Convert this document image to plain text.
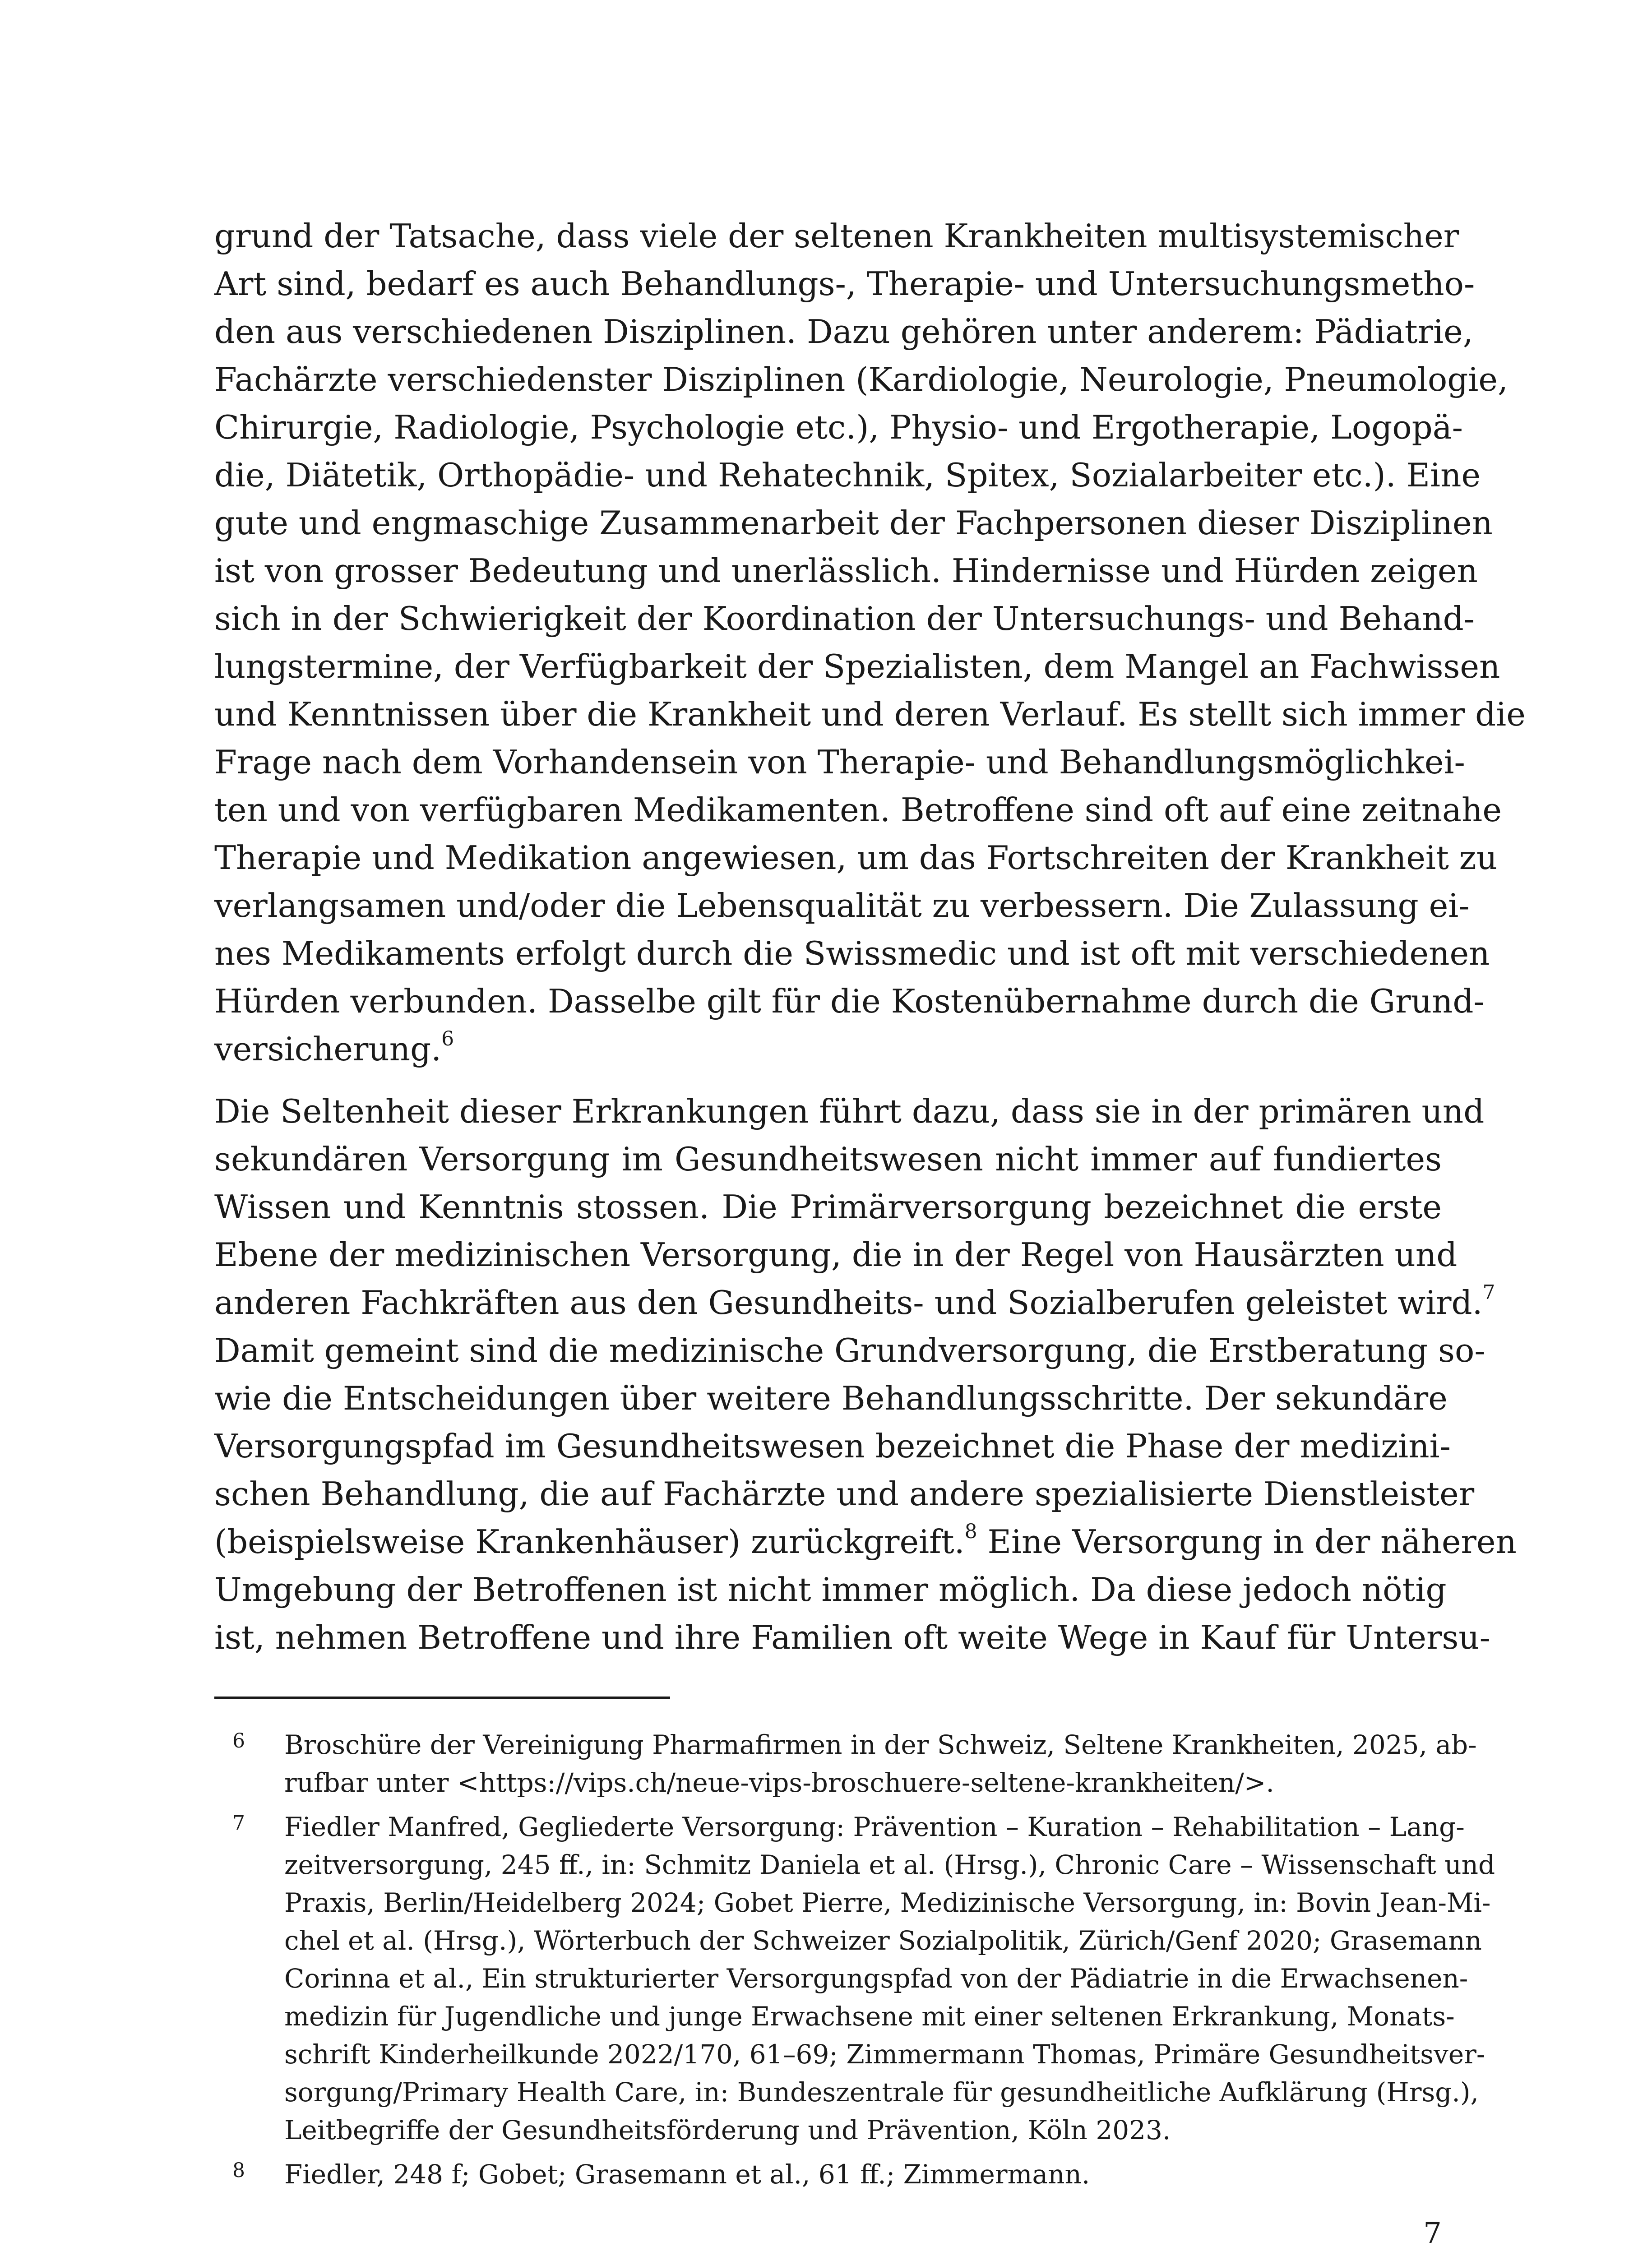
grund der Tatsache, dass viele der seltenen Krankheiten multisystemischer
Art sind, bedarf es auch Behandlungs-, Therapie- und Untersuchungsmetho-
den aus verschiedenen Disziplinen. Dazu gehören unter anderem: Pädiatrie,
Fachärzte verschiedenster Disziplinen (Kardiologie, Neurologie, Pneumologie,
Chirurgie, Radiologie, Psychologie etc.), Physio- und Ergotherapie, Logopä-
die, Diätetik, Orthopädie- und Rehatechnik, Spitex, Sozialarbeiter etc.). Eine
gute und engmaschige Zusammenarbeit der Fachpersonen dieser Disziplinen
ist von grosser Bedeutung und unerlässlich. Hindernisse und Hürden zeigen
sich in der Schwierigkeit der Koordination der Untersuchungs- und Behand-
lungstermine, der Verfügbarkeit der Spezialisten, dem Mangel an Fachwissen
und Kenntnissen über die Krankheit und deren Verlauf. Es stellt sich immer die
Frage nach dem Vorhandensein von Therapie- und Behandlungsmöglichkei-
ten und von verfügbaren Medikamenten. Betroffene sind oft auf eine zeitnahe
Therapie und Medikation angewiesen, um das Fortschreiten der Krankheit zu
verlangsamen und/oder die Lebensqualität zu verbessern. Die Zulassung ei-
nes Medikaments erfolgt durch die Swissmedic und ist oft mit verschiedenen
Hürden verbunden. Dasselbe gilt für die Kostenübernahme durch die Grund-
versicherung.$^6$
Die Seltenheit dieser Erkrankungen führt dazu, dass sie in der primären und
sekundären Versorgung im Gesundheitswesen nicht immer auf fundiertes
Wissen und Kenntnis stossen. Die Primärversorgung bezeichnet die erste
Ebene der medizinischen Versorgung, die in der Regel von Hausärzten und
anderen Fachkräften aus den Gesundheits- und Sozialberufen geleistet wird.$^7$
Damit gemeint sind die medizinische Grundversorgung, die Erstberatung so-
wie die Entscheidungen über weitere Behandlungsschritte. Der sekundäre
Versorgungspfad im Gesundheitswesen bezeichnet die Phase der medizini-
schen Behandlung, die auf Fachärzte und andere spezialisierte Dienstleister
(beispielsweise Krankenhäuser) zurückgreift.$^8$ Eine Versorgung in der näheren
Umgebung der Betroffenen ist nicht immer möglich. Da diese jedoch nötig
ist, nehmen Betroffene und ihre Familien oft weite Wege in Kauf für Untersu-
6 Broschüre der Vereinigung Pharmafirmen in der Schweiz, Seltene Krankheiten, 2025, ab-
rufbar unter <https://vips.ch/neue-vips-broschuere-seltene-krankheiten/>.
7 Fiedler Manfred, Gegliederte Versorgung: Prävention – Kuration – Rehabilitation – Lang-
zeitversorgung, 245 ff., in: Schmitz Daniela et al. (Hrsg.), Chronic Care – Wissenschaft und
Praxis, Berlin/Heidelberg 2024; Gobet Pierre, Medizinische Versorgung, in: Bovin Jean-Mi-
chel et al. (Hrsg.), Wörterbuch der Schweizer Sozialpolitik, Zürich/Genf 2020; Grasemann
Corinna et al., Ein strukturierter Versorgungspfad von der Pädiatrie in die Erwachsenen-
medizin für Jugendliche und junge Erwachsene mit einer seltenen Erkrankung, Monats-
schrift Kinderheilkunde 2022/170, 61–69; Zimmermann Thomas, Primäre Gesundheitsver-
sorgung/Primary Health Care, in: Bundeszentrale für gesundheitliche Aufklärung (Hrsg.),
Leitbegriffe der Gesundheitsförderung und Prävention, Köln 2023.
8 Fiedler, 248 f; Gobet; Grasemann et al., 61 ff.; Zimmermann.
7
